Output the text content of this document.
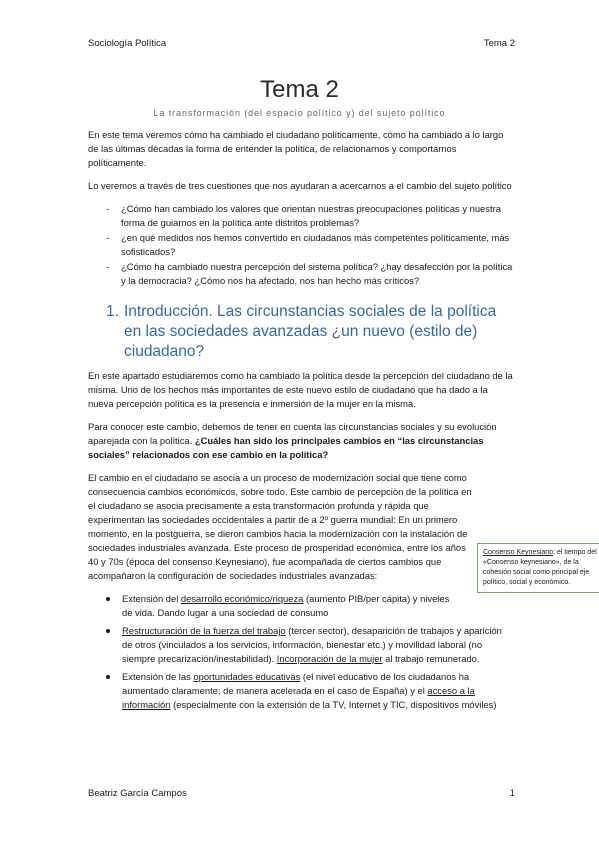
Sociología Política	Tema 2
Tema 2
La transformación (del espacio político y) del sujeto político

En este tema veremos cómo ha cambiado el ciudadano políticamente, cómo ha cambiado a lo largo de las últimas décadas la forma de entender la política, de relacionarnos y comportarnos políticamente.

Lo veremos a través de tres cuestiones que nos ayudaran a acercarnos a el cambio del sujeto político

- ¿Cómo han cambiado los valores que orientan nuestras preocupaciones políticas y nuestra forma de guiarnos en la política ante distritos problemas?
- ¿en qué medidos nos hemos convertido en ciudadanos más competentes políticamente, más sofisticados?
- ¿Cómo ha cambiado nuestra percepción del sistema política? ¿hay desafección por la política y la democracia? ¿Cómo nos ha afectado, nos han hecho más críticos?
1. Introducción. Las circunstancias sociales de la política en las sociedades avanzadas ¿un nuevo (estilo de) ciudadano?

En este apartado estudiaremos como ha cambiado la política desde la percepción del ciudadano de la misma. Uno de los hechos más importantes de este nuevo estilo de ciudadano que ha dado a la nueva percepción política es la presencia e inmersión de la mujer en la misma.

Para conocer este cambio, debemos de tener en cuenta las circunstancias sociales y su evolución aparejada con la política. ¿Cuáles han sido los principales cambios en “las circunstancias sociales” relacionados con ese cambio en la política?

El cambio en el ciudadano se asocia a un proceso de modernización social que tiene como consecuencia cambios económicos, sobre todo. Este cambio de percepción de la política en el ciudadano se asocia precisamente a esta transformación profunda y rápida que experimentan las sociedades occidentales a partir de a 2º guerra mundial: En un primero momento, en la postguerra, se dieron cambios hacia la modernización con la instalación de sociedades industriales avanzada. Este proceso de prosperidad económica, entre los años 40 y 70s (época del consenso Keynesiano), fue acompañada de ciertos cambios que acompañaron la configuración de sociedades industriales avanzadas:

Extensión del desarrollo económico/riqueza (aumento PIB/per cápita) y niveles de vida. Dando lugar a una sociedad de consumo
Restructuración de la fuerza del trabajo (tercer sector), desaparición de trabajos y aparición de otros (vinculados a los servicios, información, bienestar etc.) y movilidad laboral (no siempre precarización/inestabilidad). Incorporación de la mujer al trabajo remunerado.
Extensión de las oportunidades educativas (el nivel educativo de los ciudadanos ha aumentado claramente; de manera acelerada en el caso de España) y el acceso a la información (especialmente con la extensión de la TV, Internet y TIC, dispositivos móviles)
Consenso Keynesiano: el tiempo del «Consenso keynesiano», de la cohesión social como principal eje político, social y económico.
Beatriz García Campos	1
